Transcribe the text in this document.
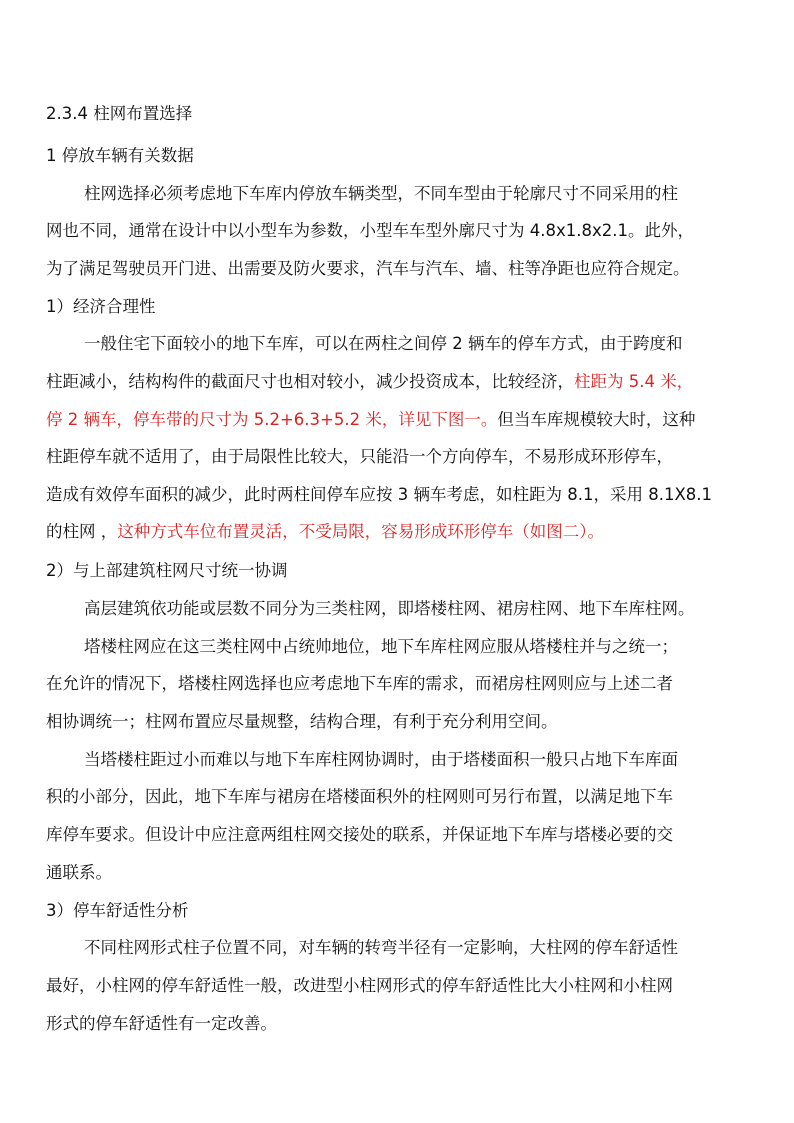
2.3.4 柱网布置选择

1 停放车辆有关数据

柱网选择必须考虑地下车库内停放车辆类型，不同车型由于轮廓尺寸不同采用的柱

网也不同，通常在设计中以小型车为参数，小型车车型外廓尺寸为 4.8x1.8x2.1。此外，

为了满足驾驶员开门进、出需要及防火要求，汽车与汽车、墙、柱等净距也应符合规定。

1）经济合理性

一般住宅下面较小的地下车库，可以在两柱之间停 2 辆车的停车方式，由于跨度和

柱距减小，结构构件的截面尺寸也相对较小，减少投资成本，比较经济，柱距为 5.4 米，

停 2 辆车，停车带的尺寸为 5.2+6.3+5.2 米，详见下图一。但当车库规模较大时，这种

柱距停车就不适用了，由于局限性比较大，只能沿一个方向停车，不易形成环形停车，

造成有效停车面积的减少，此时两柱间停车应按 3 辆车考虑，如柱距为 8.1，采用 8.1X8.1

的柱网 ，这种方式车位布置灵活，不受局限，容易形成环形停车（如图二）。

2）与上部建筑柱网尺寸统一协调

高层建筑依功能或层数不同分为三类柱网，即塔楼柱网、裙房柱网、地下车库柱网。

塔楼柱网应在这三类柱网中占统帅地位，地下车库柱网应服从塔楼柱并与之统一；

在允许的情况下，塔楼柱网选择也应考虑地下车库的需求，而裙房柱网则应与上述二者

相协调统一；柱网布置应尽量规整，结构合理，有利于充分利用空间。

当塔楼柱距过小而难以与地下车库柱网协调时，由于塔楼面积一般只占地下车库面

积的小部分，因此，地下车库与裙房在塔楼面积外的柱网则可另行布置，以满足地下车

库停车要求。但设计中应注意两组柱网交接处的联系，并保证地下车库与塔楼必要的交

通联系。

3）停车舒适性分析

不同柱网形式柱子位置不同，对车辆的转弯半径有一定影响，大柱网的停车舒适性

最好，小柱网的停车舒适性一般，改进型小柱网形式的停车舒适性比大小柱网和小柱网

形式的停车舒适性有一定改善。
